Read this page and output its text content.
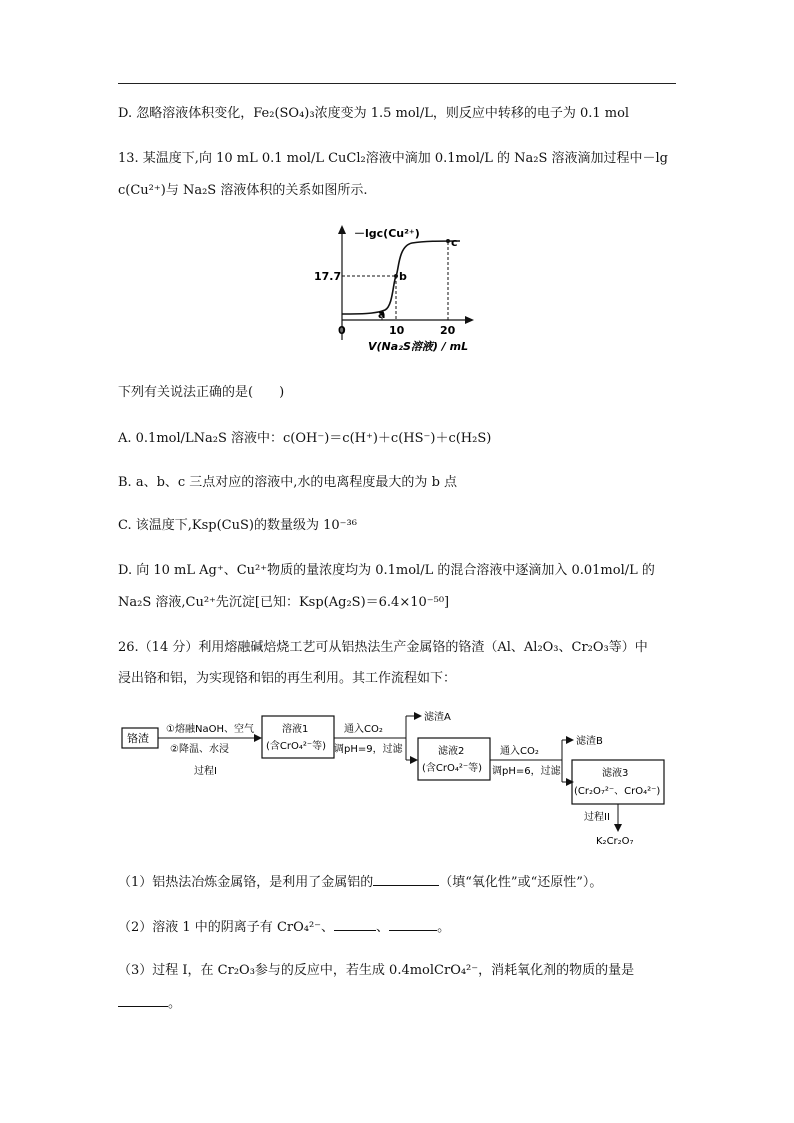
D. 忽略溶液体积变化，Fe₂(SO₄)₃浓度变为 1.5 mol/L，则反应中转移的电子为 0.1 mol
13. 某温度下,向 10 mL 0.1 mol/L CuCl₂溶液中滴加 0.1mol/L 的 Na₂S 溶液滴加过程中－lg
c(Cu²⁺)与 Na₂S 溶液体积的关系如图所示.
－lgc(Cu²⁺)
17.7
0	10	20
V(Na₂S溶液) / mL
a
b
c
下列有关说法正确的是(　　)
A. 0.1mol/LNa₂S 溶液中：c(OH⁻)＝c(H⁺)＋c(HS⁻)＋c(H₂S)
B. a、b、c 三点对应的溶液中,水的电离程度最大的为 b 点
C. 该温度下,Ksp(CuS)的数量级为 10⁻³⁶
D. 向 10 mL Ag⁺、Cu²⁺物质的量浓度均为 0.1mol/L 的混合溶液中逐滴加入 0.01mol/L 的
Na₂S 溶液,Cu²⁺先沉淀[已知：Ksp(Ag₂S)＝6.4×10⁻⁵⁰]
26.（14 分）利用熔融碱焙烧工艺可从铝热法生产金属铬的铬渣（Al、Al₂O₃、Cr₂O₃等）中
浸出铬和铝，为实现铬和铝的再生利用。其工作流程如下：
铬渣
①熔融NaOH、空气
②降温、水浸
过程I
溶液1
(含CrO₄²⁻等)
通入CO₂
调pH=9，过滤
滤渣A
滤液2
(含CrO₄²⁻等)
通入CO₂
调pH=6，过滤
滤渣B
滤液3
(Cr₂O₇²⁻、CrO₄²⁻)
过程II
K₂Cr₂O₇
（1）铝热法冶炼金属铬，是利用了金属铝的	（填“氧化性”或“还原性”）。
（2）溶液 1 中的阴离子有 CrO₄²⁻、	、	。
（3）过程 I，在 Cr₂O₃参与的反应中，若生成 0.4molCrO₄²⁻，消耗氧化剂的物质的量是
。
